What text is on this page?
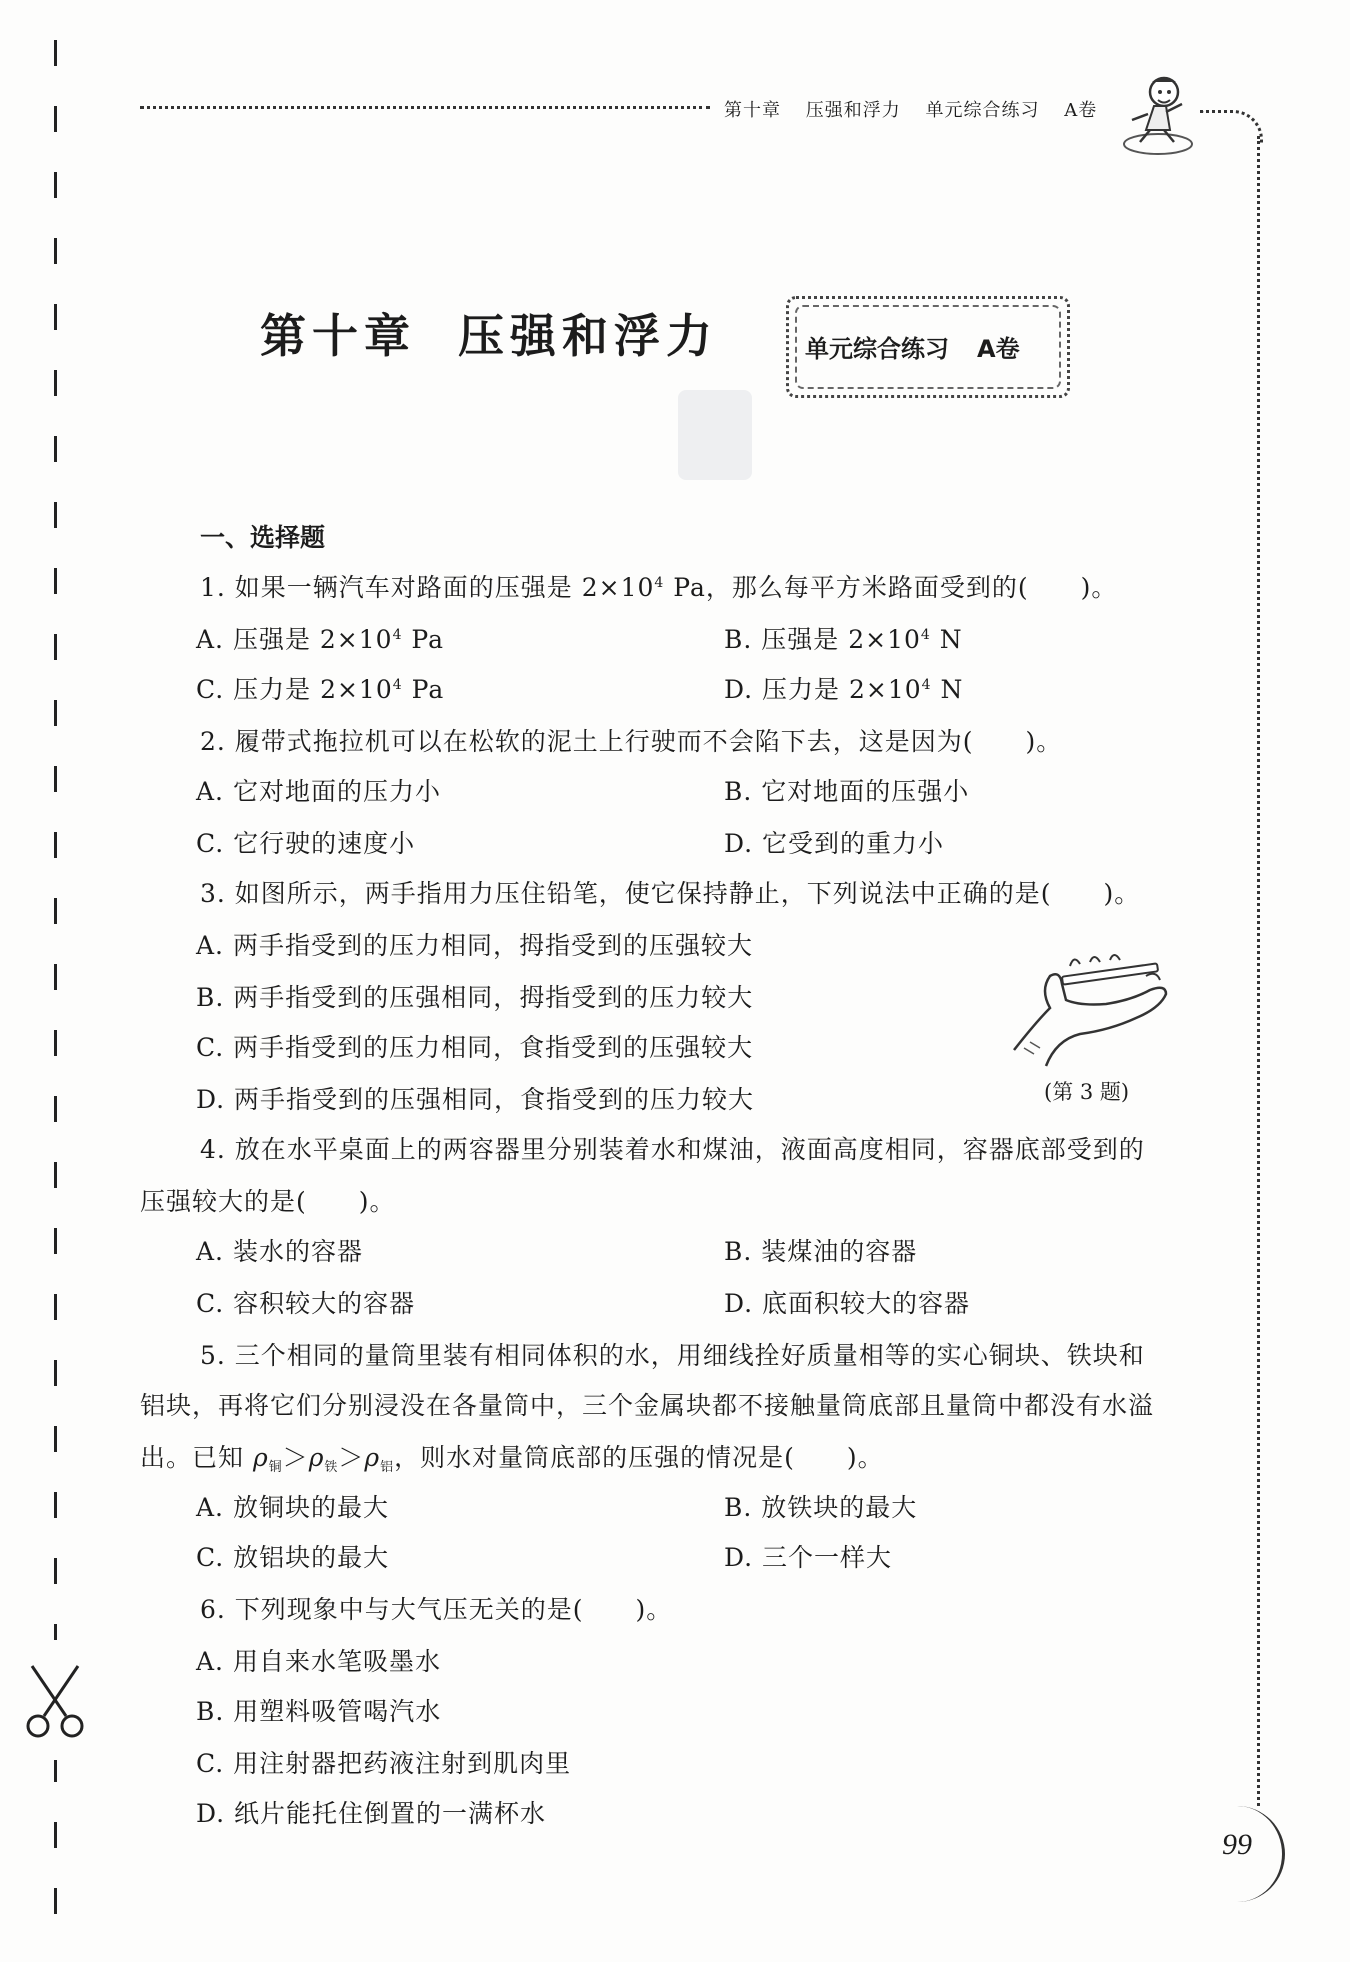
第十章 压强和浮力 单元综合练习 A卷
第十章 压强和浮力	单元综合练习 A卷
一、选择题
1. 如果一辆汽车对路面的压强是 $2\times 10^4$ Pa，那么每平方米路面受到的(　　)。
A. 压强是 $2\times 10^4$ Pa	B. 压强是 $2\times 10^4$ N
C. 压力是 $2\times 10^4$ Pa	D. 压力是 $2\times 10^4$ N
2. 履带式拖拉机可以在松软的泥土上行驶而不会陷下去，这是因为(　　)。
A. 它对地面的压力小	B. 它对地面的压强小
C. 它行驶的速度小	D. 它受到的重力小
3. 如图所示，两手指用力压住铅笔，使它保持静止，下列说法中正确的是(　　)。
A. 两手指受到的压力相同，拇指受到的压强较大
B. 两手指受到的压强相同，拇指受到的压力较大
C. 两手指受到的压力相同，食指受到的压强较大
D. 两手指受到的压强相同，食指受到的压力较大	(第 3 题)
4. 放在水平桌面上的两容器里分别装着水和煤油，液面高度相同，容器底部受到的
压强较大的是(　　)。
A. 装水的容器	B. 装煤油的容器
C. 容积较大的容器	D. 底面积较大的容器
5. 三个相同的量筒里装有相同体积的水，用细线拴好质量相等的实心铜块、铁块和
铝块，再将它们分别浸没在各量筒中，三个金属块都不接触量筒底部且量筒中都没有水溢
出。已知 $\rho_铜>\rho_铁>\rho_铝$，则水对量筒底部的压强的情况是(　　)。
A. 放铜块的最大	B. 放铁块的最大
C. 放铝块的最大	D. 三个一样大
6. 下列现象中与大气压无关的是(　　)。
A. 用自来水笔吸墨水
B. 用塑料吸管喝汽水
C. 用注射器把药液注射到肌肉里
D. 纸片能托住倒置的一满杯水
99
